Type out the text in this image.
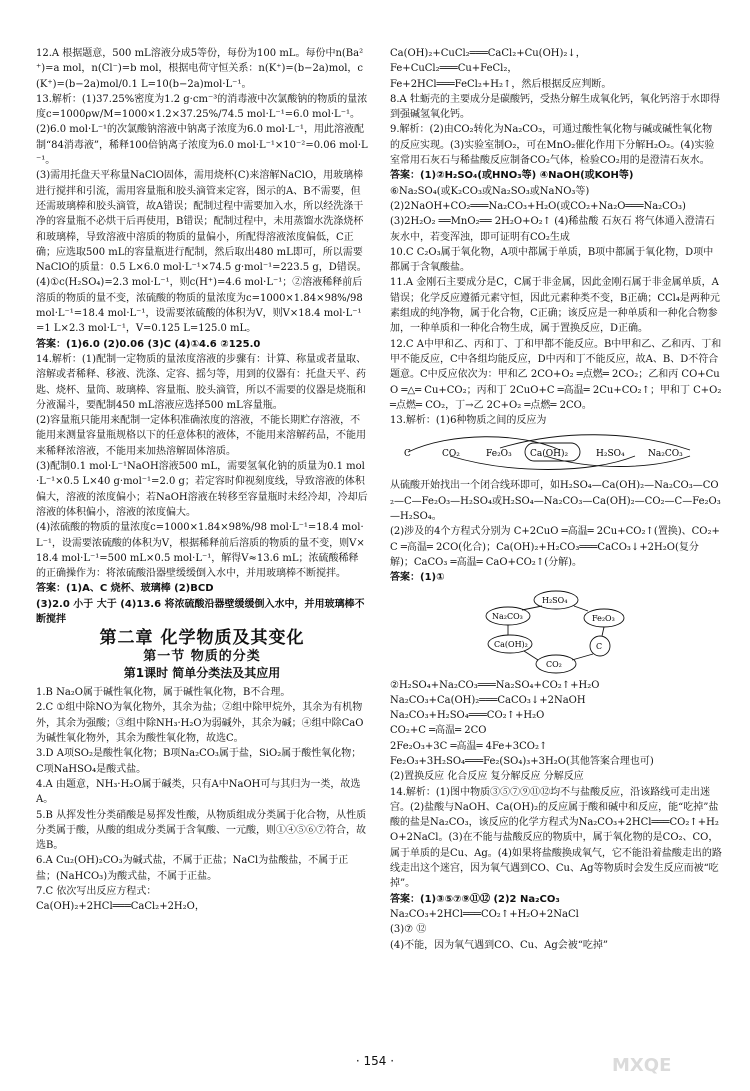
12.A 根据题意，500 mL溶液分成5等份，每份为100 mL。每份中n(Ba²⁺)=a mol，n(Cl⁻)=b mol，根据电荷守恒关系：n(K⁺)=(b−2a)mol，c(K⁺)=(b−2a)mol/0.1 L=10(b−2a)mol·L⁻¹。

13.解析：(1)37.25%密度为1.2 g·cm⁻³的消毒液中次氯酸钠的物质的量浓度c=1000ρw/M=1000×1.2×37.25%/74.5 mol·L⁻¹=6.0 mol·L⁻¹。

(2)6.0 mol·L⁻¹的次氯酸钠溶液中钠离子浓度为6.0 mol·L⁻¹，用此溶液配制“84消毒液”，稀释100倍钠离子浓度为6.0 mol·L⁻¹×10⁻²=0.06 mol·L⁻¹。

(3)需用托盘天平称量NaClO固体，需用烧杯(C)来溶解NaClO，用玻璃棒进行搅拌和引流，需用容量瓶和胶头滴管来定容，图示的A、B不需要，但还需玻璃棒和胶头滴管，故A错误；配制过程中需要加入水，所以经洗涤干净的容量瓶不必烘干后再使用，B错误；配制过程中，未用蒸馏水洗涤烧杯和玻璃棒，导致溶液中溶质的物质的量偏小，所配得溶液浓度偏低，C正确；应选取500 mL的容量瓶进行配制，然后取出480 mL即可，所以需要NaClO的质量：0.5 L×6.0 mol·L⁻¹×74.5 g·mol⁻¹=223.5 g，D错误。

(4)①c(H₂SO₄)=2.3 mol·L⁻¹，则c(H⁺)=4.6 mol·L⁻¹；②溶液稀释前后溶质的物质的量不变，浓硫酸的物质的量浓度为c=1000×1.84×98%/98 mol·L⁻¹=18.4 mol·L⁻¹，设需要浓硫酸的体积为V，则V×18.4 mol·L⁻¹=1 L×2.3 mol·L⁻¹，V=0.125 L=125.0 mL。

答案：(1)6.0 (2)0.06 (3)C (4)①4.6 ②125.0

14.解析：(1)配制一定物质的量浓度溶液的步骤有：计算、称量或者量取、溶解或者稀释、移液、洗涤、定容、摇匀等，用到的仪器有：托盘天平、药匙、烧杯、量筒、玻璃棒、容量瓶、胶头滴管，所以不需要的仪器是烧瓶和分液漏斗，要配制450 mL溶液应选择500 mL容量瓶。

(2)容量瓶只能用来配制一定体积准确浓度的溶液，不能长期贮存溶液，不能用来测量容量瓶规格以下的任意体积的液体，不能用来溶解药品，不能用来稀释浓溶液，不能用来加热溶解固体溶质。

(3)配制0.1 mol·L⁻¹NaOH溶液500 mL，需要氢氧化钠的质量为0.1 mol·L⁻¹×0.5 L×40 g·mol⁻¹=2.0 g；若定容时仰视刻度线，导致溶液的体积偏大，溶液的浓度偏小；若NaOH溶液在转移至容量瓶时未经冷却，冷却后溶液的体积偏小，溶液的浓度偏大。

(4)浓硫酸的物质的量浓度c=1000×1.84×98%/98 mol·L⁻¹=18.4 mol·L⁻¹，设需要浓硫酸的体积为V，根据稀释前后溶质的物质的量不变，则V×18.4 mol·L⁻¹=500 mL×0.5 mol·L⁻¹，解得V≈13.6 mL；浓硫酸稀释的正确操作为：将浓硫酸沿器壁缓缓倒入水中，并用玻璃棒不断搅拌。

答案：(1)A、C 烧杯、玻璃棒 (2)BCD

(3)2.0 小于 大于 (4)13.6 将浓硫酸沿器壁缓缓倒入水中，并用玻璃棒不断搅拌

第二章 化学物质及其变化
第一节 物质的分类
第1课时 简单分类法及其应用

1.B Na₂O属于碱性氧化物，属于碱性氧化物，B不合理。

2.C ①组中除NO为氧化物外，其余为盐；②组中除甲烷外，其余为有机物外，其余为强酸；③组中除NH₃·H₂O为弱碱外，其余为碱；④组中除CaO为碱性氧化物外，其余为酸性氧化物，故选C。

3.D A项SO₂是酸性氧化物；B项Na₂CO₃属于盐，SiO₂属于酸性氧化物；C项NaHSO₄是酸式盐。

4.A 由题意，NH₃·H₂O属于碱类，只有A中NaOH可与其归为一类，故选A。

5.B 从挥发性分类硝酸是易挥发性酸，从物质组成分类属于化合物，从性质分类属于酸，从酸的组成分类属于含氧酸、一元酸，则①④⑤⑥⑦符合，故选B。

6.A Cu₂(OH)₂CO₃为碱式盐，不属于正盐；NaCl为盐酸盐，不属于正盐；(NaHCO₃)为酸式盐，不属于正盐。

7.C 依次写出反应方程式：

Ca(OH)₂+2HCl═══CaCl₂+2H₂O，

Ca(OH)₂+CuCl₂═══CaCl₂+Cu(OH)₂↓，

Fe+CuCl₂═══Cu+FeCl₂，

Fe+2HCl═══FeCl₂+H₂↑，然后根据反应判断。

8.A 牡蛎壳的主要成分是碳酸钙，受热分解生成氧化钙，氧化钙溶于水即得到强碱氢氧化钙。

9.解析：(2)由CO₂转化为Na₂CO₃，可通过酸性氧化物与碱或碱性氧化物的反应实现。(3)实验室制O₂，可在MnO₂催化作用下分解H₂O₂。(4)实验室常用石灰石与稀盐酸反应制备CO₂气体，检验CO₂用的是澄清石灰水。

答案：(1)②H₂SO₄(或HNO₃等) ④NaOH(或KOH等)

⑥Na₂SO₄(或K₂CO₃或Na₂SO₃或NaNO₃等)

(2)2NaOH+CO₂═══Na₂CO₃+H₂O(或CO₂+Na₂O═══Na₂CO₃)

(3)2H₂O₂ ══MnO₂══ 2H₂O+O₂↑ (4)稀盐酸 石灰石 将气体通入澄清石灰水中，若变浑浊，即可证明有CO₂生成

10.C C₂O₃属于氧化物，A项中都属于单质，B项中都属于氧化物，D项中都属于含氧酸盐。

11.A 金刚石主要成分是C，C属于非金属，因此金刚石属于非金属单质，A错误；化学反应遵循元素守恒，因此元素种类不变，B正确；CCl₄是两种元素组成的纯净物，属于化合物，C正确；该反应是一种单质和一种化合物参加，一种单质和一种化合物生成，属于置换反应，D正确。

12.C A中甲和乙、丙和丁、丁和甲都不能反应。B中甲和乙、乙和丙、丁和甲不能反应，C中各组均能反应，D中丙和丁不能反应，故A、B、D不符合题意。C中反应依次为：甲和乙 2CO+O₂ ═点燃═ 2CO₂；乙和丙 CO+CuO ═△═ Cu+CO₂；丙和丁 2CuO+C ═高温═ 2Cu+CO₂↑；甲和丁 C+O₂ ═点燃═ CO₂，丁→乙 2C+O₂ ═点燃═ 2CO。

13.解析：(1)6种物质之间的反应为

C	CO₂	Fe₂O₃ Ca(OH)₂	H₂SO₄	Na₂CO₃

从硫酸开始找出一个闭合线环即可，如H₂SO₄—Ca(OH)₂—Na₂CO₃—CO₂—C—Fe₂O₃—H₂SO₄或H₂SO₄—Na₂CO₃—Ca(OH)₂—CO₂—C—Fe₂O₃—H₂SO₄。

(2)涉及的4个方程式分别为 C+2CuO ═高温═ 2Cu+CO₂↑(置换)、CO₂+C ═高温═ 2CO(化合)；Ca(OH)₂+H₂CO₃═══CaCO₃↓+2H₂O(复分解)；CaCO₃ ═高温═ CaO+CO₂↑(分解)。

答案：(1)①

H₂SO₄
Fe₂O₃
C
CO₂
Ca(OH)₂
Na₂CO₃

②H₂SO₄+Na₂CO₃═══Na₂SO₄+CO₂↑+H₂O

Na₂CO₃+Ca(OH)₂═══CaCO₃↓+2NaOH

Na₂CO₃+H₂SO₄═══CO₂↑+H₂O

CO₂+C ═高温═ 2CO

2Fe₂O₃+3C ═高温═ 4Fe+3CO₂↑

Fe₂O₃+3H₂SO₄═══Fe₂(SO₄)₃+3H₂O(其他答案合理也可)

(2)置换反应 化合反应 复分解反应 分解反应

14.解析：(1)图中物质③⑤⑦⑨⑪⑫均不与盐酸反应，沿该路线可走出迷宫。(2)盐酸与NaOH、Ca(OH)₂的反应属于酸和碱中和反应，能“吃掉”盐酸的盐是Na₂CO₃，该反应的化学方程式为Na₂CO₃+2HCl═══CO₂↑+H₂O+2NaCl。(3)在不能与盐酸反应的物质中，属于氧化物的是CO₂、CO，属于单质的是Cu、Ag。(4)如果将盐酸换成氧气，它不能沿着盐酸走出的路线走出这个迷宫，因为氧气遇到CO、Cu、Ag等物质时会发生反应而被“吃掉”。

答案：(1)③⑤⑦⑨⑪⑫ (2)2 Na₂CO₃

Na₂CO₃+2HCl═══CO₂↑+H₂O+2NaCl

(3)⑦ ⑫

(4)不能，因为氧气遇到CO、Cu、Ag会被“吃掉”

· 154 ·	MXQE
